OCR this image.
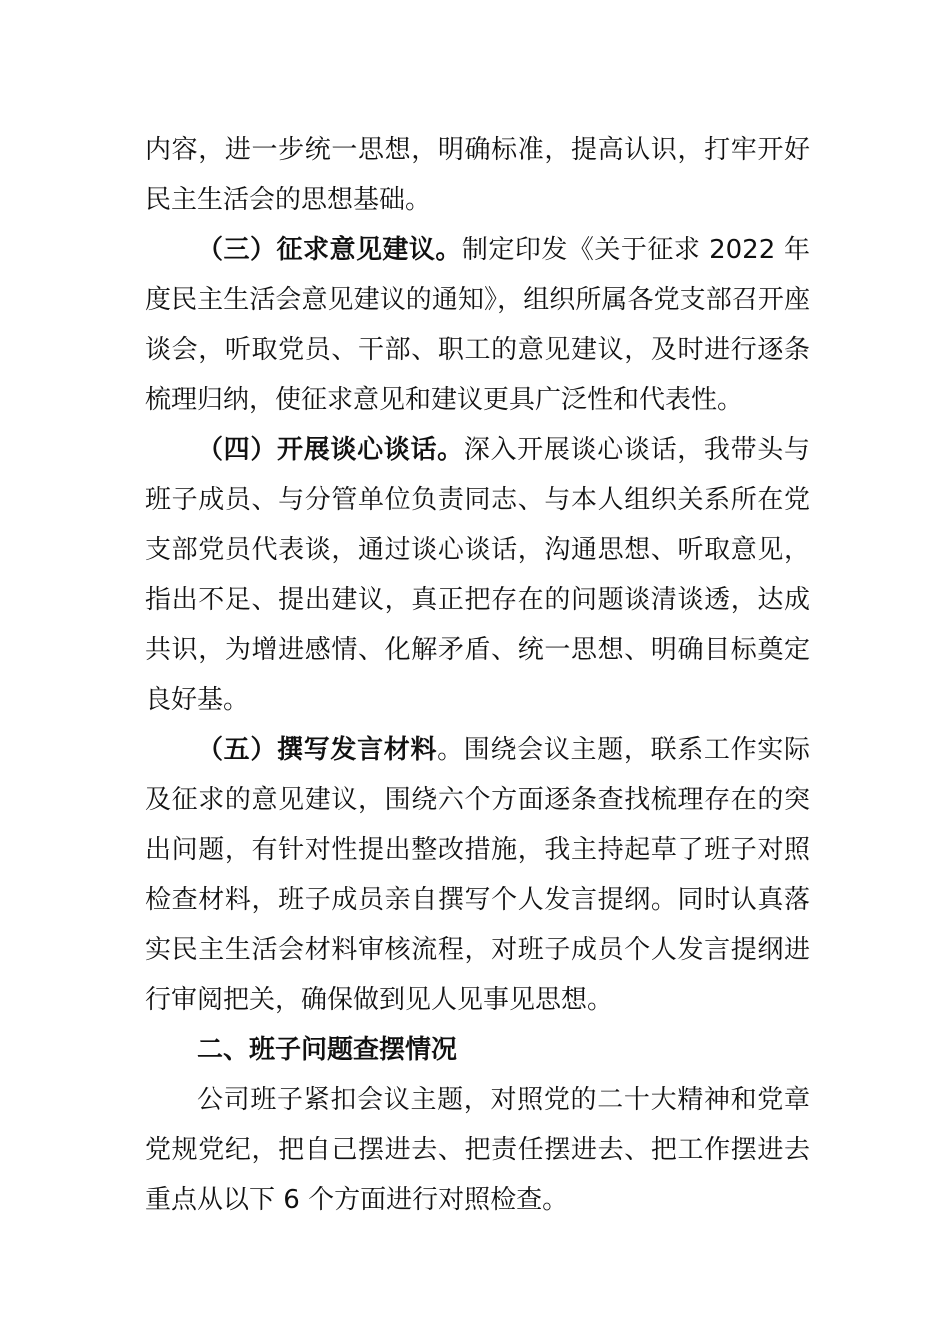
内容，进一步统一思想，明确标准，提高认识，打牢开好民主生活会的思想基础。

（三）征求意见建议。制定印发《关于征求 2022 年度民主生活会意见建议的通知》，组织所属各党支部召开座谈会，听取党员、干部、职工的意见建议，及时进行逐条梳理归纳，使征求意见和建议更具广泛性和代表性。

（四）开展谈心谈话。深入开展谈心谈话，我带头与班子成员、与分管单位负责同志、与本人组织关系所在党支部党员代表谈，通过谈心谈话，沟通思想、听取意见，指出不足、提出建议，真正把存在的问题谈清谈透，达成共识，为增进感情、化解矛盾、统一思想、明确目标奠定良好基。

（五）撰写发言材料。围绕会议主题，联系工作实际及征求的意见建议，围绕六个方面逐条查找梳理存在的突出问题，有针对性提出整改措施，我主持起草了班子对照检查材料，班子成员亲自撰写个人发言提纲。同时认真落实民主生活会材料审核流程，对班子成员个人发言提纲进行审阅把关，确保做到见人见事见思想。

二、班子问题查摆情况

公司班子紧扣会议主题，对照党的二十大精神和党章党规党纪，把自己摆进去、把责任摆进去、把工作摆进去重点从以下 6 个方面进行对照检查。
